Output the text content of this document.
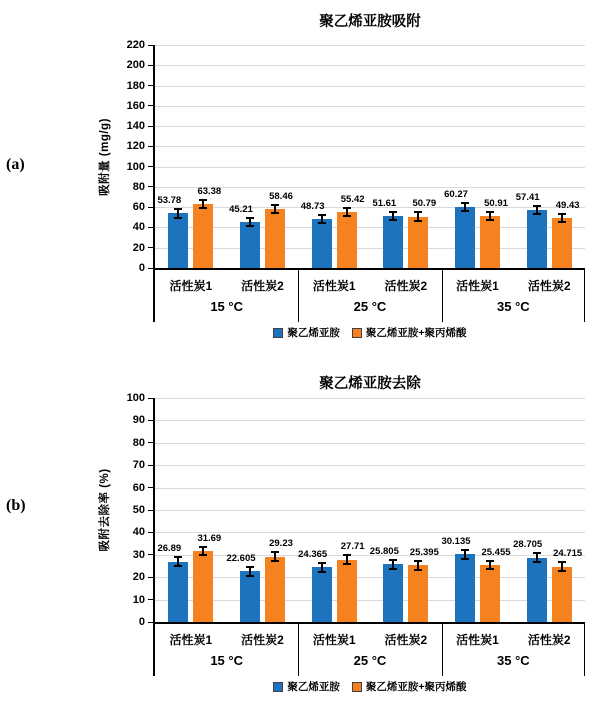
(a)
(b)
聚乙烯亚胺吸附
吸附量 (mg/g)
聚乙烯亚胺 聚乙烯亚胺+聚丙烯酸
0
20
40
60
80
100
120
140
160
180
200
220
53.78
45.21	48.73	51.61
60.27	57.41
63.38	58.46	55.42	50.79	50.91	49.43
活性炭1 活性炭2 活性炭1 活性炭2 活性炭1 活性炭2
15 °C	25 °C	35 °C
聚乙烯亚胺去除
吸附去除率 (%)
聚乙烯亚胺 聚乙烯亚胺+聚丙烯酸
0
10
20
30
40
50
60
70
80
90
100
26.89
22.605	24.365	25.805
30.135	28.705
31.69	29.23	27.71	25.395	25.455	24.715
活性炭1 活性炭2 活性炭1 活性炭2 活性炭1 活性炭2
15 °C	25 °C	35 °C
